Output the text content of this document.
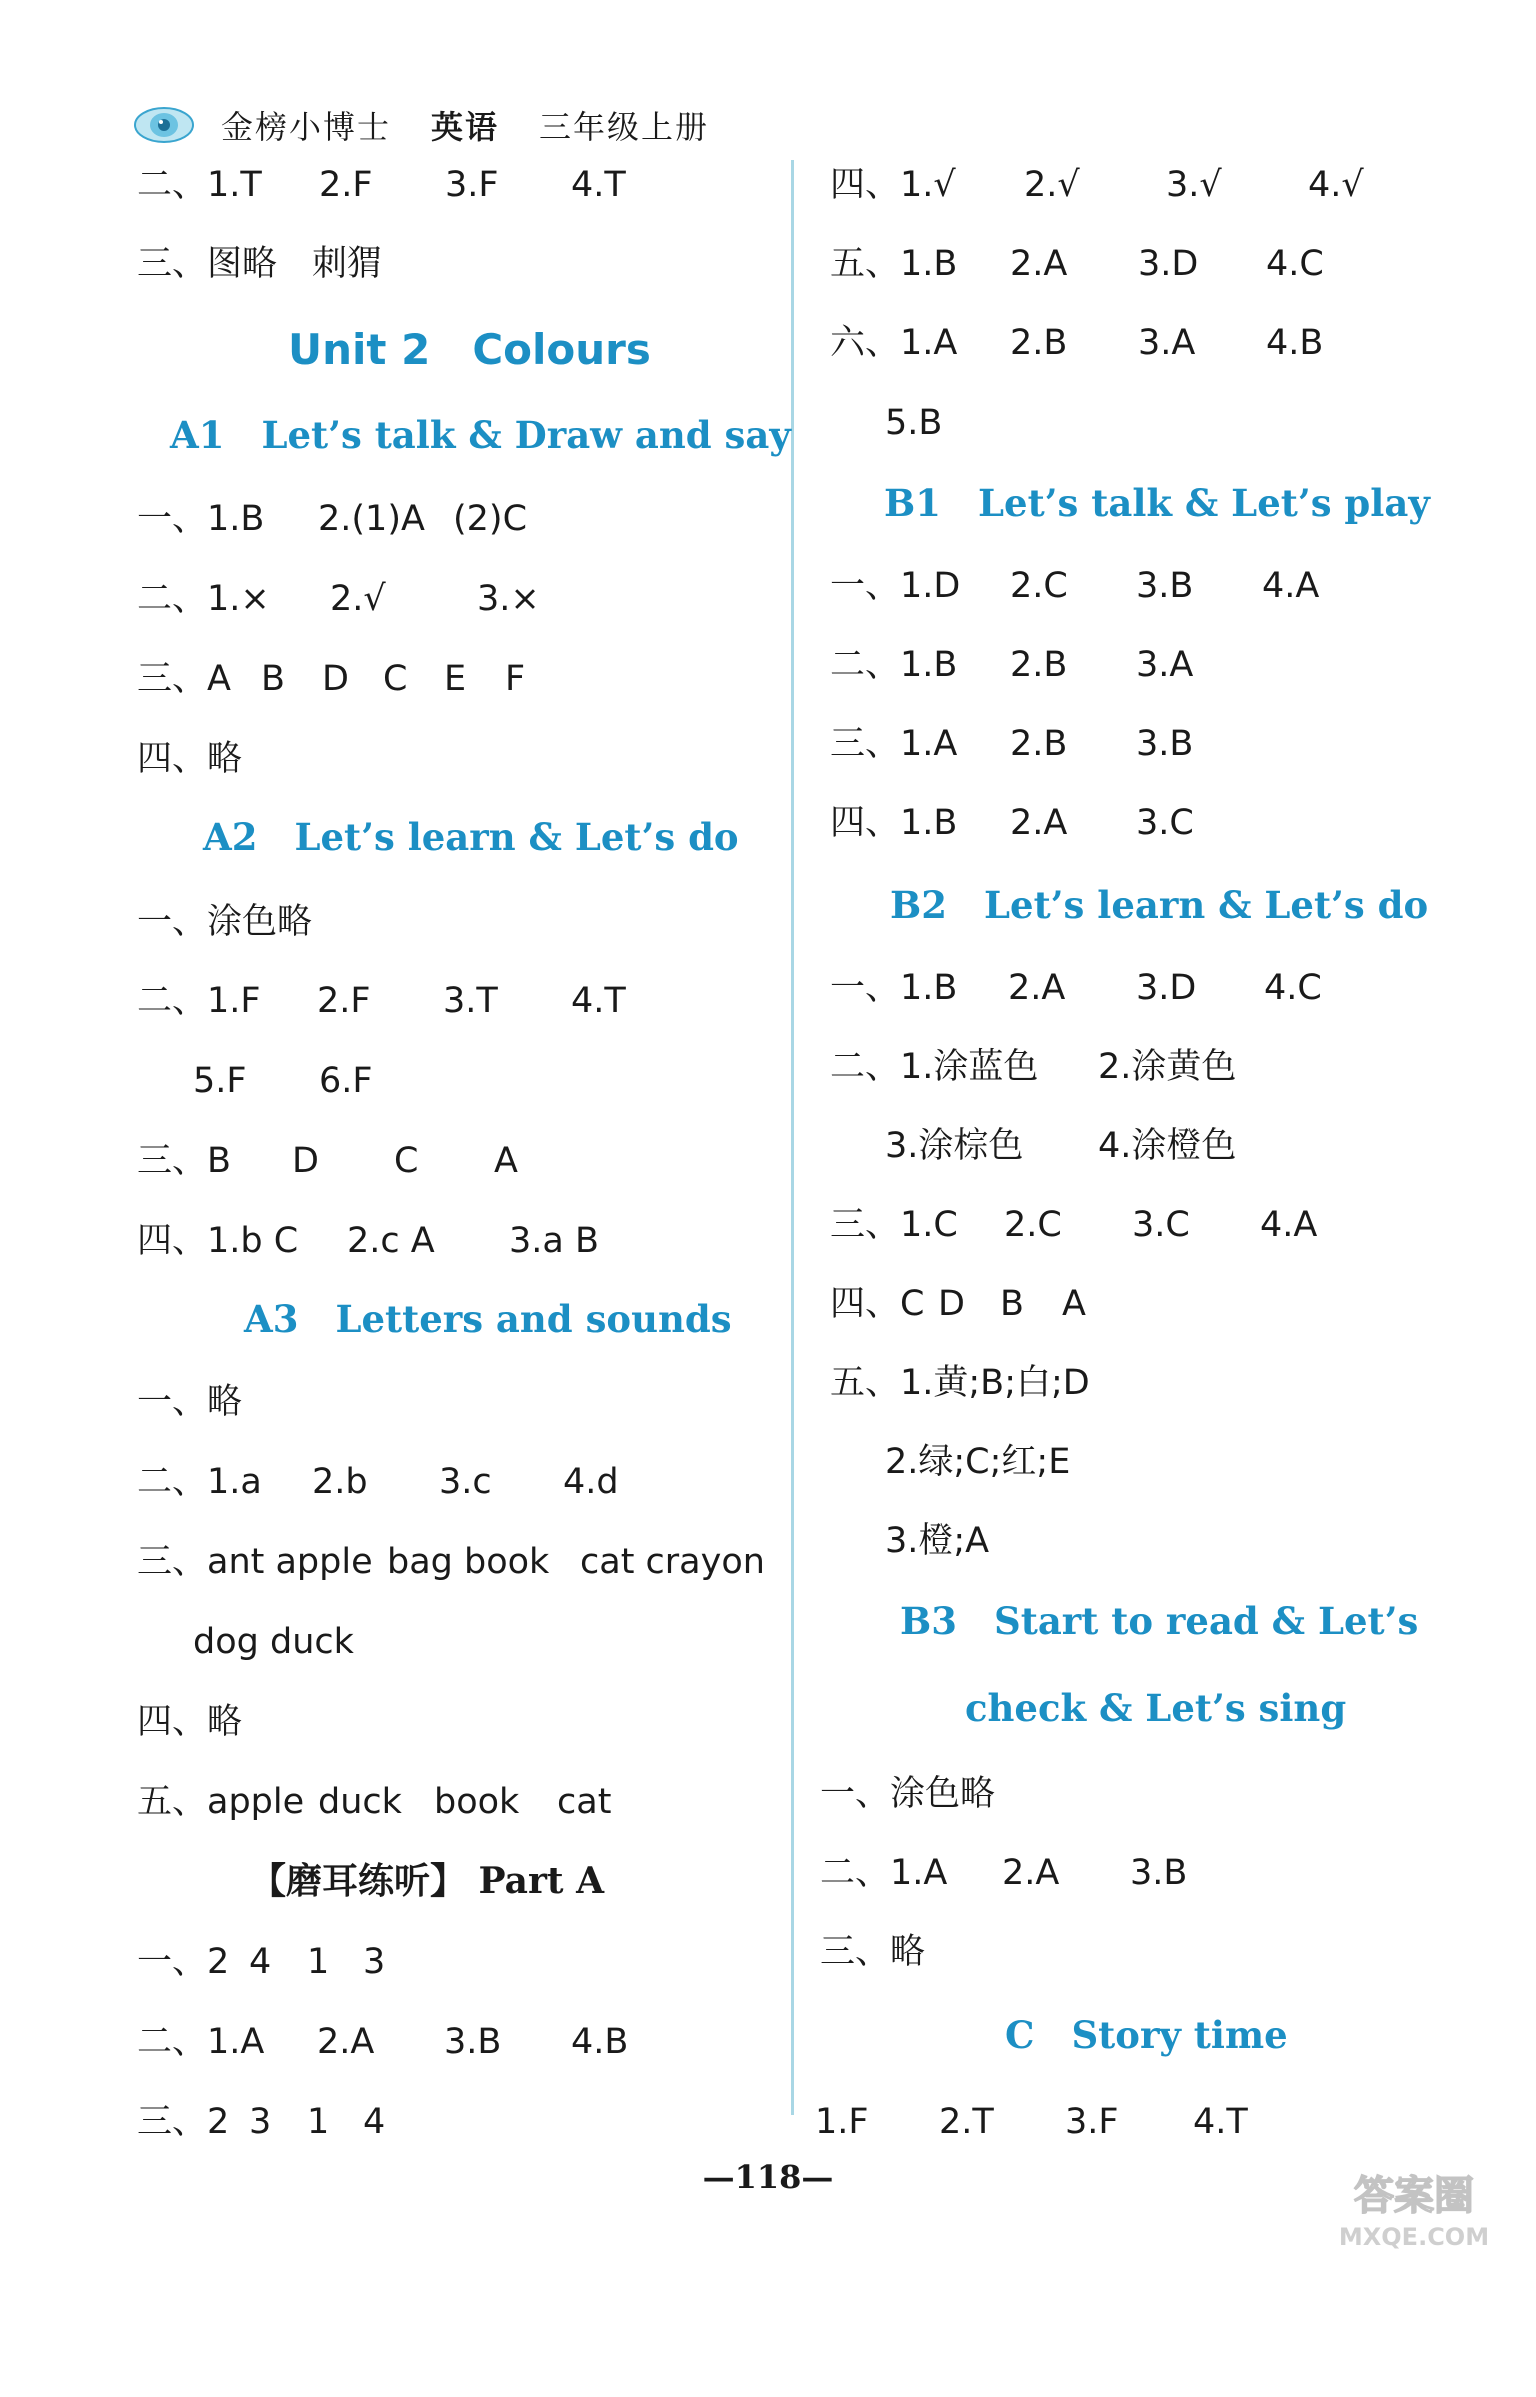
金榜小博士 英语 三年级上册

二、1.T

2.F

3.F

4.T

三、图略　刺猬

Unit 2　Colours
A1　Let’s talk & Draw and say

一、1.B

2.(1)A

(2)C

二、1.×

2.√

	3.×

三、A

B

D

C

E

F

四、略

A2　Let’s learn & Let’s do

一、涂色略

二、1.F

2.F

3.T

4.T

5.F

6.F

三、B

D

C

A

四、1.b C

2.c A

3.a B

A3　Letters and sounds

一、略

二、1.a

2.b

3.c

4.d

三、ant apple

bag book

cat crayon

dog duck

四、略

五、apple

duck

book

cat

【磨耳练听】 Part A

一、2

4

1

3

二、1.A

2.A

3.B

4.B

三、2

3

1

4

四、1.√

2.√

3.√

4.√

五、1.B

2.A

3.D

4.C

六、1.A

2.B

3.A

4.B

5.B

B1　Let’s talk & Let’s play

一、1.D

2.C

3.B

4.A

二、1.B

2.B

3.A

三、1.A

2.B

3.B

四、1.B

2.A

3.C

B2　Let’s learn & Let’s do

一、1.B

2.A

3.D

4.C

二、1.涂蓝色

2.涂黄色

3.涂棕色

4.涂橙色

三、1.C

2.C

3.C

4.A

四、C

D

B

A

五、1.黄;B;白;D

2.绿;C;红;E

3.橙;A

B3　Start to read & Let’s
check & Let’s sing

一、涂色略

二、1.A

2.A

3.B

三、略

C　Story time

1.F

2.T

3.F

4.T

—118—	答案圈
MXQE.COM
